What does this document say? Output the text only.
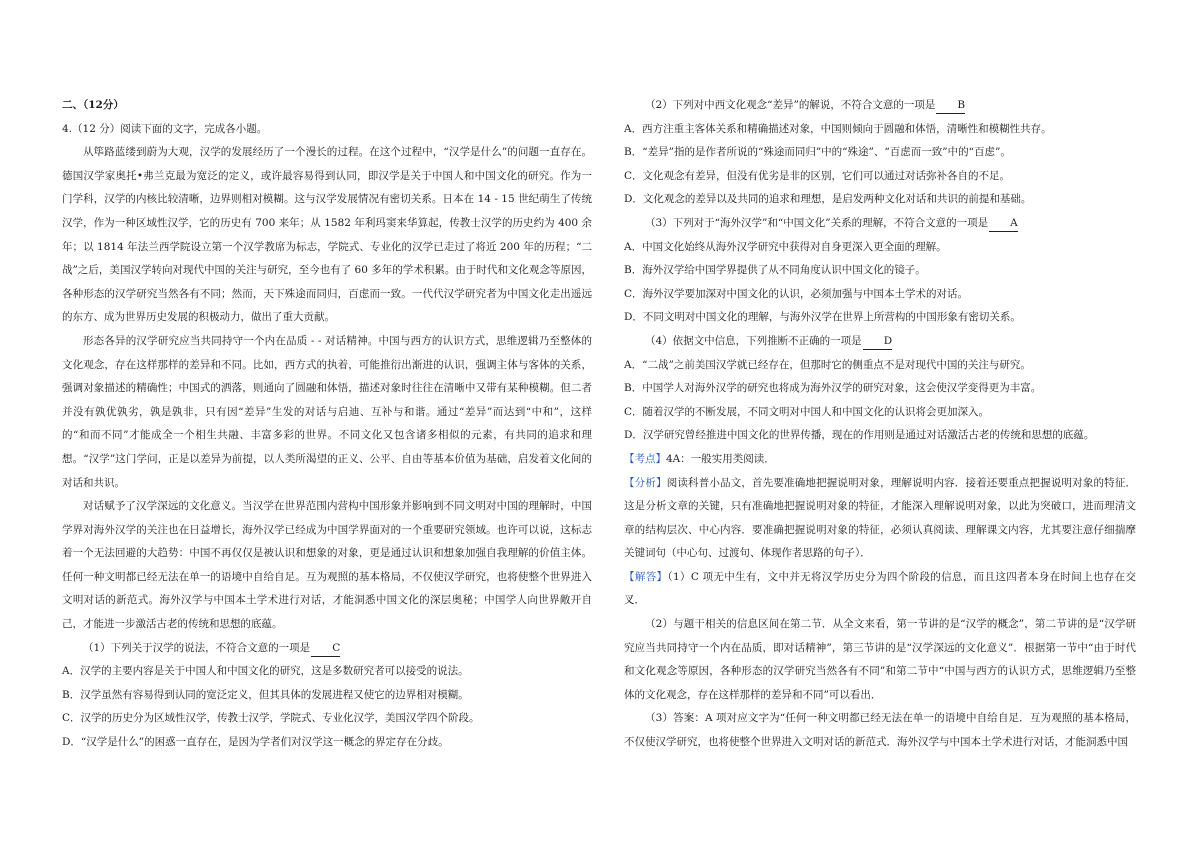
二、（12分）

4.（12 分）阅读下面的文字，完成各小题。

从筚路蓝缕到蔚为大观，汉学的发展经历了一个漫长的过程。在这个过程中，“汉学是什么”的问题一直存在。德国汉学家奥托•弗兰克最为宽泛的定义，或许最容易得到认同，即汉学是关于中国人和中国文化的研究。作为一门学科，汉学的内核比较清晰，边界则相对模糊。这与汉学发展情况有密切关系。日本在 14 - 15 世纪萌生了传统汉学，作为一种区域性汉学，它的历史有 700 来年；从 1582 年利玛窦来华算起，传教士汉学的历史约为 400 余年；以 1814 年法兰西学院设立第一个汉学教席为标志，学院式、专业化的汉学已走过了将近 200 年的历程；“二战”之后，美国汉学转向对现代中国的关注与研究，至今也有了 60 多年的学术积累。由于时代和文化观念等原因，各种形态的汉学研究当然各有不同；然而，天下殊途而同归，百虑而一致。一代代汉学研究者为中国文化走出遥远的东方、成为世界历史发展的积极动力，做出了重大贡献。

形态各异的汉学研究应当共同持守一个内在品质 - - 对话精神。中国与西方的认识方式，思维逻辑乃至整体的文化观念，存在这样那样的差异和不同。比如，西方式的执着，可能推衍出渐进的认识，强调主体与客体的关系，强调对象描述的精确性；中国式的洒落，则通向了圆融和体悟，描述对象时往往在清晰中又带有某种模糊。但二者并没有孰优孰劣，孰是孰非，只有因“差异”生发的对话与启迪、互补与和谐。通过“差异”而达到“中和”，这样的“和而不同”才能成全一个相生共融、丰富多彩的世界。不同文化又包含诸多相似的元素，有共同的追求和理想。“汉学”这门学问，正是以差异为前提，以人类所渴望的正义、公平、自由等基本价值为基础，启发着文化间的对话和共识。

对话赋予了汉学深远的文化意义。当汉学在世界范围内营构中国形象并影响到不同文明对中国的理解时，中国学界对海外汉学的关注也在日益增长，海外汉学已经成为中国学界面对的一个重要研究领域。也许可以说，这标志着一个无法回避的大趋势：中国不再仅仅是被认识和想象的对象，更是通过认识和想象加强自我理解的价值主体。任何一种文明都已经无法在单一的语境中自给自足。互为观照的基本格局，不仅使汉学研究，也将使整个世界进入文明对话的新范式。海外汉学与中国本土学术进行对话，才能洞悉中国文化的深层奥秘；中国学人向世界敞开自己，才能进一步激活古老的传统和思想的底蕴。

（1）下列关于汉学的说法，不符合文意的一项是 C

A．汉学的主要内容是关于中国人和中国文化的研究，这是多数研究者可以接受的说法。

B．汉学虽然有容易得到认同的宽泛定义，但其具体的发展进程又使它的边界相对模糊。

C．汉学的历史分为区域性汉学，传教士汉学，学院式、专业化汉学，美国汉学四个阶段。

D．“汉学是什么”的困惑一直存在，是因为学者们对汉学这一概念的界定存在分歧。

（2）下列对中西文化观念“差异”的解说，不符合文意的一项是 B

A．西方注重主客体关系和精确描述对象，中国则倾向于圆融和体悟，清晰性和模糊性共存。

B．“差异”指的是作者所说的“殊途而同归”中的“殊途”、“百虑而一致”中的“百虑”。

C．文化观念有差异，但没有优劣是非的区别，它们可以通过对话弥补各自的不足。

D．文化观念的差异以及共同的追求和理想，是启发两种文化对话和共识的前提和基础。

（3）下列对于“海外汉学”和“中国文化”关系的理解，不符合文意的一项是 A

A．中国文化始终从海外汉学研究中获得对自身更深入更全面的理解。

B．海外汉学给中国学界提供了从不同角度认识中国文化的镜子。

C．海外汉学要加深对中国文化的认识，必须加强与中国本土学术的对话。

D．不同文明对中国文化的理解，与海外汉学在世界上所营构的中国形象有密切关系。

（4）依据文中信息，下列推断不正确的一项是 D

A．“二战”之前美国汉学就已经存在，但那时它的侧重点不是对现代中国的关注与研究。

B．中国学人对海外汉学的研究也将成为海外汉学的研究对象，这会使汉学变得更为丰富。

C．随着汉学的不断发展，不同文明对中国人和中国文化的认识将会更加深入。

D．汉学研究曾经推进中国文化的世界传播，现在的作用则是通过对话激活古老的传统和思想的底蕴。

【考点】4A：一般实用类阅读．

【分析】阅读科普小品文，首先要准确地把握说明对象，理解说明内容．接着还要重点把握说明对象的特征．这是分析文章的关键，只有准确地把握说明对象的特征，才能深入理解说明对象，以此为突破口，进而理清文章的结构层次、中心内容．要准确把握说明对象的特征，必须认真阅读、理解课文内容，尤其要注意仔细揣摩关键词句（中心句、过渡句、体现作者思路的句子）．

【解答】（1）C 项无中生有，文中并无将汉学历史分为四个阶段的信息，而且这四者本身在时间上也存在交叉．

（2）与题干相关的信息区间在第二节．从全文来看，第一节讲的是“汉学的概念”，第二节讲的是“汉学研究应当共同持守一个内在品质，即对话精神”，第三节讲的是“汉学深远的文化意义”．根据第一节中“由于时代和文化观念等原因，各种形态的汉学研究当然各有不同”和第二节中“中国与西方的认识方式，思维逻辑乃至整体的文化观念，存在这样那样的差异和不同”可以看出．

（3）答案：A 项对应文字为“任何一种文明都已经无法在单一的语境中自给自足．互为观照的基本格局，不仅使汉学研究，也将使整个世界进入文明对话的新范式．海外汉学与中国本土学术进行对话，才能洞悉中国
